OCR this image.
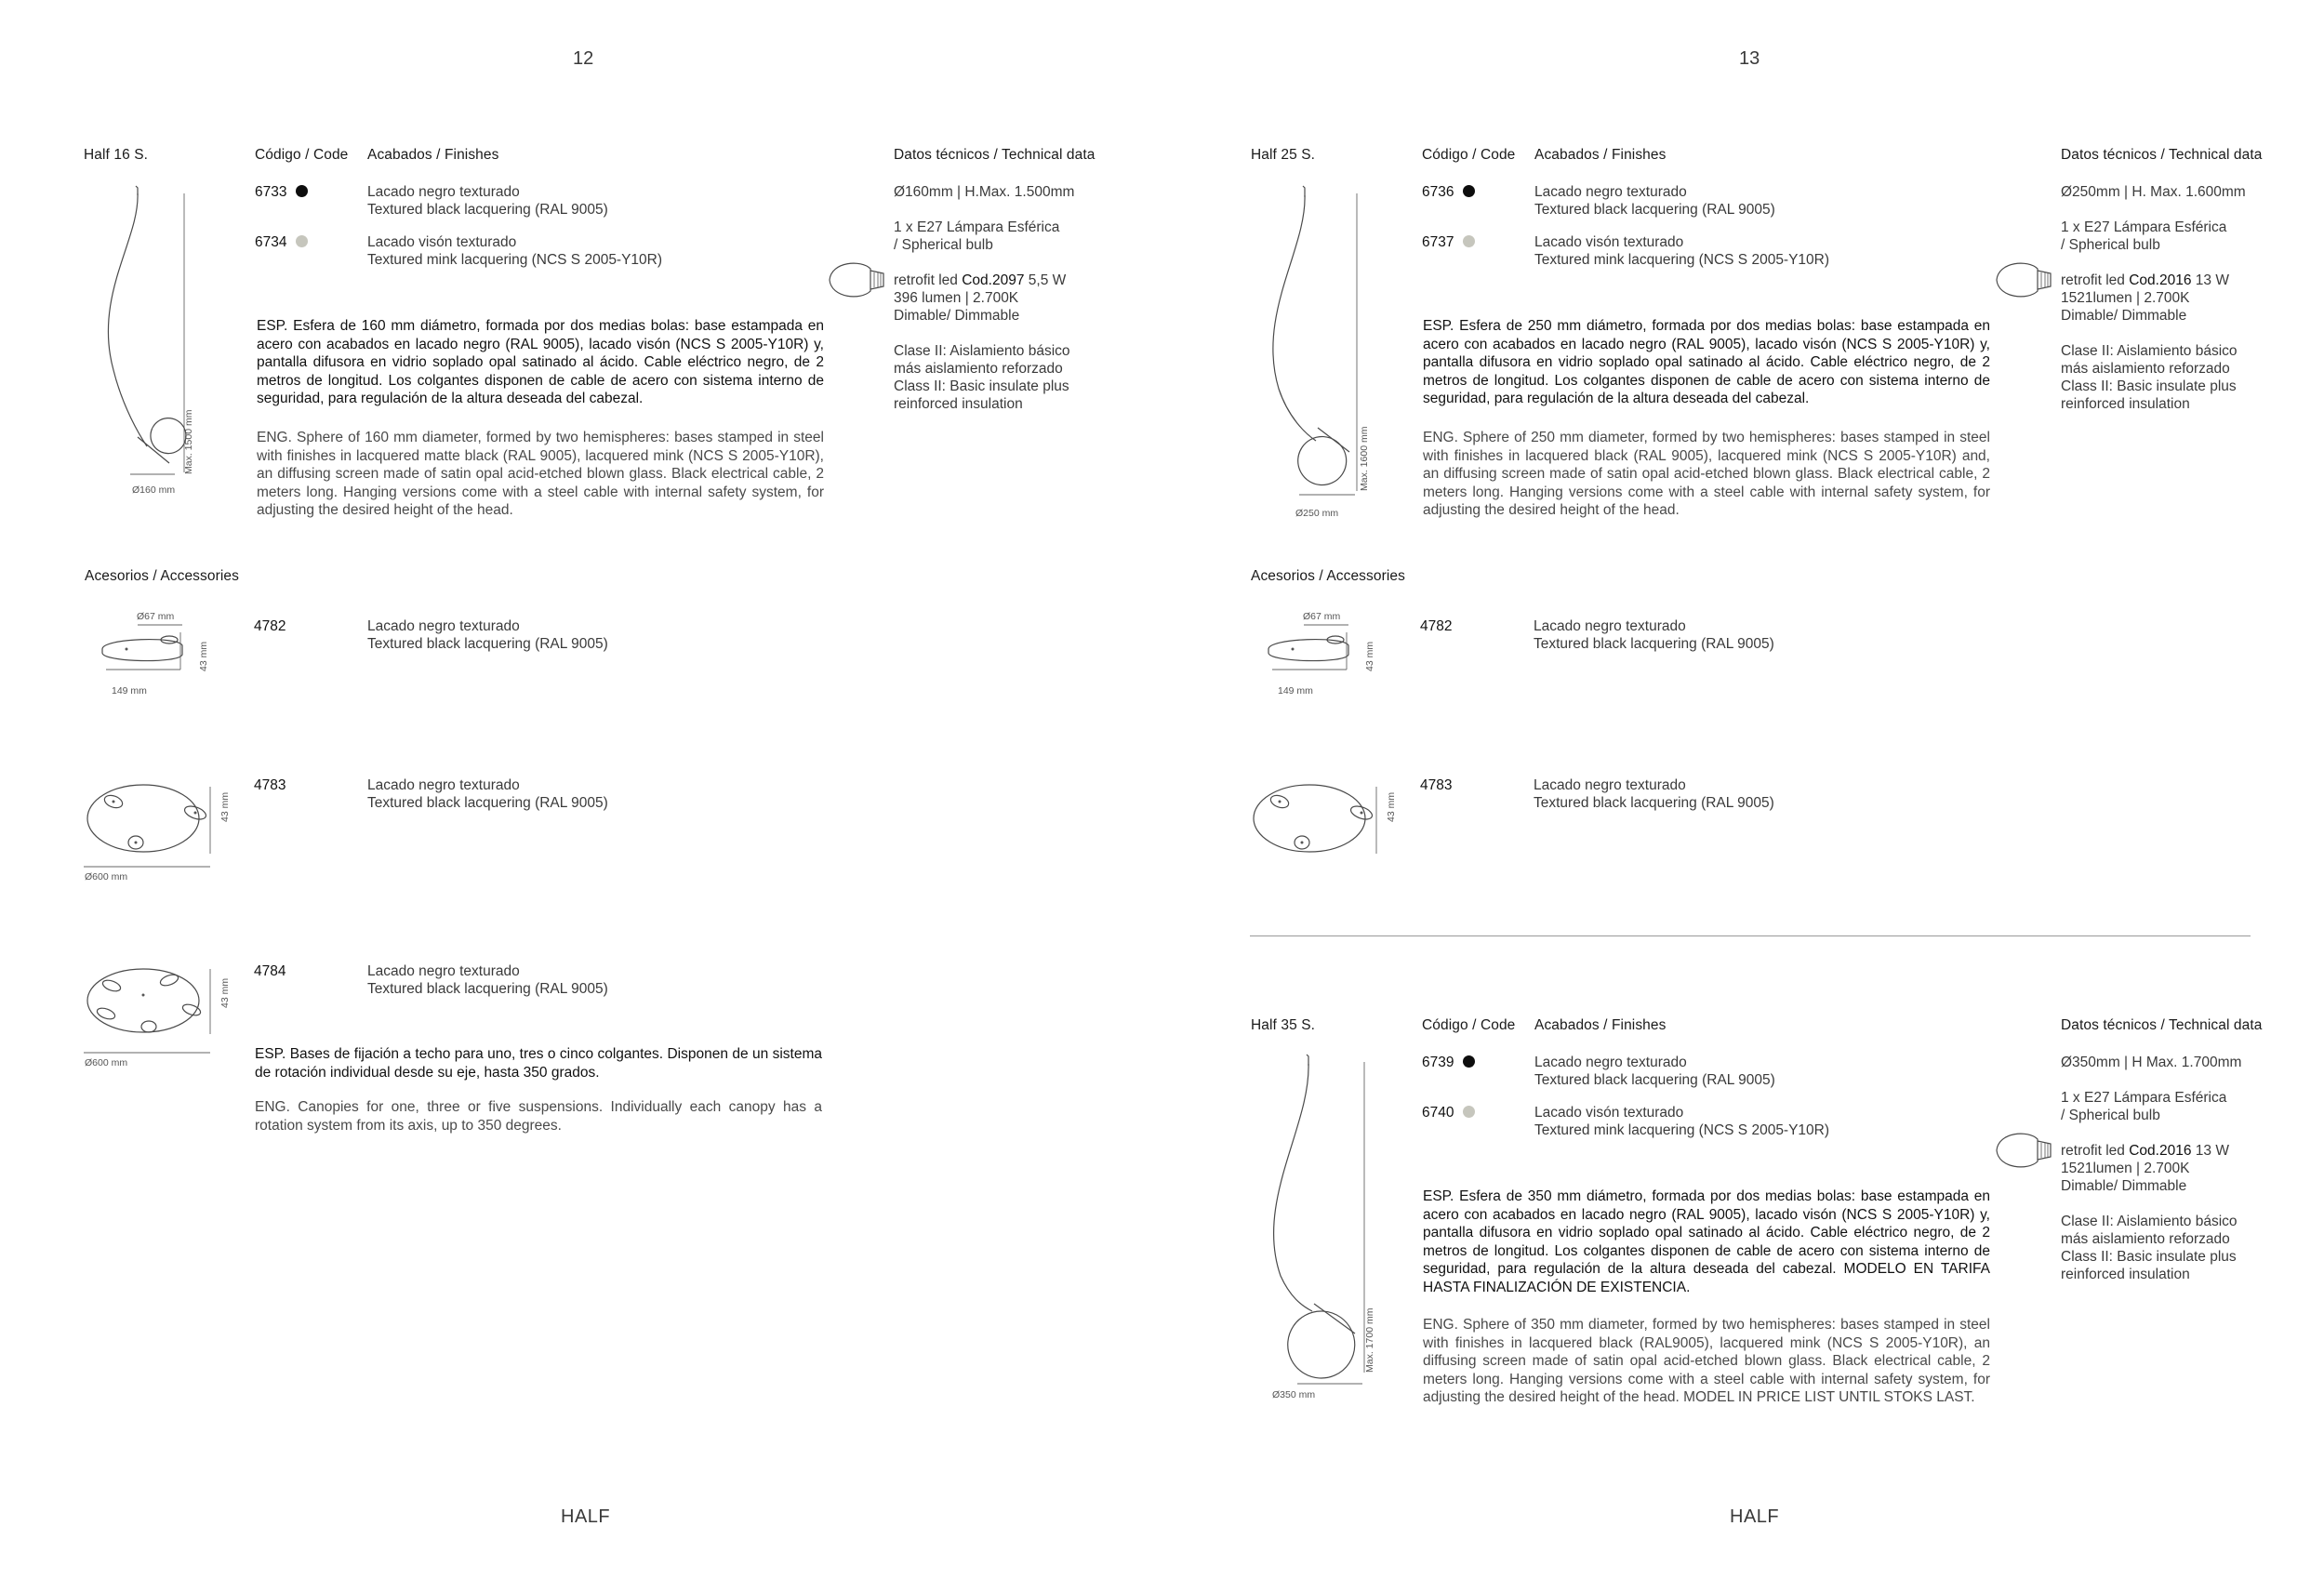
12	13
HALF	HALF
Half 16 S.	Código / Code Acabados / Finishes	Datos técnicos / Technical data
6733	Lacado negro texturado
Textured black lacquering (RAL 9005)
6734	Lacado visón texturado
Textured mink lacquering (NCS S 2005-Y10R)
ESP. Esfera de 160 mm diámetro, formada por dos medias bolas: base estampada en acero con acabados en lacado negro (RAL 9005), lacado visón (NCS S 2005-Y10R) y, pantalla difusora en vidrio soplado opal satinado al ácido. Cable eléctrico negro, de 2 metros de longitud. Los colgantes disponen de cable de acero con sistema interno de seguridad, para regulación de la altura deseada del cabezal.
ENG. Sphere of 160 mm diameter, formed by two hemispheres: bases stamped in steel with finishes in lacquered matte black (RAL 9005), lacquered mink (NCS S 2005-Y10R), an diffusing screen made of satin opal acid-etched blown glass. Black electrical cable, 2 meters long. Hanging versions come with a steel cable with internal safety system, for adjusting the desired height of the head.
Ø160mm | H.Max. 1.500mm
1 x E27 Lámpara Esférica
/ Spherical bulb
retrofit led Cod.2097 5,5 W
396 lumen | 2.700K
Dimable/ Dimmable
Clase II: Aislamiento básico
más aislamiento reforzado
Class II: Basic insulate plus
reinforced insulation
Ø160 mm
Max. 1500 mm
Acesorios / Accessories
Ø67 mm
43 mm
149 mm
4782	Lacado negro texturado
Textured black lacquering (RAL 9005)
43 mm
Ø600 mm
4783	Lacado negro texturado
Textured black lacquering (RAL 9005)
43 mm
Ø600 mm
4784	Lacado negro texturado
Textured black lacquering (RAL 9005)
ESP. Bases de fijación a techo para uno, tres o cinco colgantes. Disponen de un sistema de rotación individual desde su eje, hasta 350 grados.
ENG. Canopies for one, three or five suspensions. Individually each canopy has a rotation system from its axis, up to 350 degrees.
Half 25 S.	Código / Code Acabados / Finishes	Datos técnicos / Technical data
6736	Lacado negro texturado
Textured black lacquering (RAL 9005)
6737	Lacado visón texturado
Textured mink lacquering (NCS S 2005-Y10R)
ESP. Esfera de 250 mm diámetro, formada por dos medias bolas: base estampada en acero con acabados en lacado negro (RAL 9005), lacado visón (NCS S 2005-Y10R) y, pantalla difusora en vidrio soplado opal satinado al ácido. Cable eléctrico negro, de 2 metros de longitud. Los colgantes disponen de cable de acero con sistema interno de seguridad, para regulación de la altura deseada del cabezal.
ENG. Sphere of 250 mm diameter, formed by two hemispheres: bases stamped in steel with finishes in lacquered black (RAL 9005), lacquered mink (NCS S 2005-Y10R) and, an diffusing screen made of satin opal acid-etched blown glass. Black electrical cable, 2 meters long. Hanging versions come with a steel cable with internal safety system, for adjusting the desired height of the head.
Ø250mm | H. Max. 1.600mm
1 x E27 Lámpara Esférica
/ Spherical bulb
retrofit led Cod.2016 13 W
1521lumen | 2.700K
Dimable/ Dimmable
Clase II: Aislamiento básico
más aislamiento reforzado
Class II: Basic insulate plus
reinforced insulation
Ø250 mm
Max. 1600 mm
Acesorios / Accessories
Ø67 mm
43 mm
149 mm
4782	Lacado negro texturado
Textured black lacquering (RAL 9005)
43 mm
4783	Lacado negro texturado
Textured black lacquering (RAL 9005)
Half 35 S.	Código / Code Acabados / Finishes	Datos técnicos / Technical data
6739	Lacado negro texturado
Textured black lacquering (RAL 9005)
6740	Lacado visón texturado
Textured mink lacquering (NCS S 2005-Y10R)
ESP. Esfera de 350 mm diámetro, formada por dos medias bolas: base estampada en acero con acabados en lacado negro (RAL 9005), lacado visón (NCS S 2005-Y10R) y, pantalla difusora en vidrio soplado opal satinado al ácido. Cable eléctrico negro, de 2 metros de longitud. Los colgantes disponen de cable de acero con sistema interno de seguridad, para regulación de la altura deseada del cabezal. MODELO EN TARIFA HASTA FINALIZACIÓN DE EXISTENCIA.
ENG. Sphere of 350 mm diameter, formed by two hemispheres: bases stamped in steel with finishes in lacquered black (RAL9005), lacquered mink (NCS S 2005-Y10R), an diffusing screen made of satin opal acid-etched blown glass. Black electrical cable, 2 meters long. Hanging versions come with a steel cable with internal safety system, for adjusting the desired height of the head. MODEL IN PRICE LIST UNTIL STOKS LAST.
Ø350mm | H Max. 1.700mm
1 x E27 Lámpara Esférica
/ Spherical bulb
retrofit led Cod.2016 13 W
1521lumen | 2.700K
Dimable/ Dimmable
Clase II: Aislamiento básico
más aislamiento reforzado
Class II: Basic insulate plus
reinforced insulation
Ø350 mm
Max. 1700 mm
